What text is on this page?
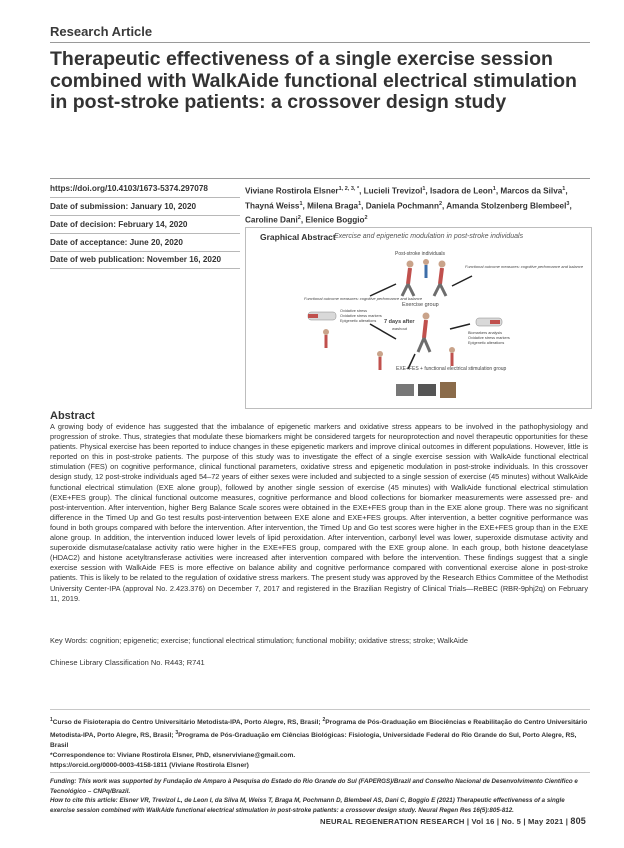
Research Article
Therapeutic effectiveness of a single exercise session combined with WalkAide functional electrical stimulation in post-stroke patients: a crossover design study
https://doi.org/10.4103/1673-5374.297078
Date of submission: January 10, 2020
Date of decision: February 14, 2020
Date of acceptance: June 20, 2020
Date of web publication: November 16, 2020
Viviane Rostirola Elsner$^{1, 2, 3, *}$, Lucieli Trevizol$^1$, Isadora de Leon$^1$, Marcos da Silva$^1$, Thayná Weiss$^1$, Milena Braga$^1$, Daniela Pochmann$^2$, Amanda Stolzenberg Blembeel$^3$, Caroline Dani$^2$, Elenice Boggio$^2$
Graphical Abstract
Exercise and epigenetic modulation in post-stroke individuals
Post-stroke individuals
Exercise group
Functional outcome measures: cognitive performance and balance
Functional outcome measures: cognitive performance and balance
Oxidative stress Oxidative stress markers Epigenetic alterations	7 days after
washout
Biomarkers analysis Oxidative stress markers Epigenetic alterations
EXE+FES + functional electrical stimulation group
Abstract
A growing body of evidence has suggested that the imbalance of epigenetic markers and oxidative stress appears to be involved in the pathophysiology and progression of stroke. Thus, strategies that modulate these biomarkers might be considered targets for neuroprotection and novel therapeutic opportunities for these patients. Physical exercise has been reported to induce changes in these epigenetic markers and improve clinical outcomes in different populations. However, little is reported on this in post-stroke patients. The purpose of this study was to investigate the effect of a single exercise session with WalkAide functional electrical stimulation (FES) on cognitive performance, clinical functional parameters, oxidative stress and epigenetic modulation in post-stroke individuals. In this crossover design study, 12 post-stroke individuals aged 54–72 years of either sexes were included and subjected to a single session of exercise (45 minutes) without WalkAide functional electrical stimulation (EXE alone group), followed by another single session of exercise (45 minutes) with WalkAide functional electrical stimulation (EXE+FES group). The clinical functional outcome measures, cognitive performance and blood collections for biomarker measurements were assessed pre- and post-intervention. After intervention, higher Berg Balance Scale scores were obtained in the EXE+FES group than in the EXE alone group. There was no significant difference in the Timed Up and Go test results post-intervention between EXE alone and EXE+FES groups. After intervention, a better cognitive performance was found in both groups compared with before the intervention. After intervention, the Timed Up and Go test scores were higher in the EXE+FES group than in the EXE alone group. In addition, the intervention induced lower levels of lipid peroxidation. After intervention, carbonyl level was lower, superoxide dismutase activity and superoxide dismutase/catalase activity ratio were higher in the EXE+FES group, compared with the EXE group alone. In each group, both histone deacetylase (HDAC2) and histone acetyltransferase activities were increased after intervention compared with before the intervention. These findings suggest that a single exercise session with WalkAide FES is more effective on balance ability and cognitive performance compared with conventional exercise alone in post-stroke patients. This is likely to be related to the regulation of oxidative stress markers. The present study was approved by the Research Ethics Committee of the Methodist University Center-IPA (approval No. 2.423.376) on December 7, 2017 and registered in the Brazilian Registry of Clinical Trials—ReBEC (RBR-9phj2q) on February 11, 2019.
Key Words: cognition; epigenetic; exercise; functional electrical stimulation; functional mobility; oxidative stress; stroke; WalkAide
Chinese Library Classification No. R443; R741
$^1$Curso de Fisioterapia do Centro Universitário Metodista-IPA, Porto Alegre, RS, Brasil; $^2$Programa de Pós-Graduação em Biociências e Reabilitação do Centro Universitário Metodista-IPA, Porto Alegre, RS, Brasil; $^3$Programa de Pós-Graduação em Ciências Biológicas: Fisiologia, Universidade Federal do Rio Grande do Sul, Porto Alegre, RS, Brasil
*Correspondence to: Viviane Rostirola Elsner, PhD, elsnerviviane@gmail.com.
https://orcid.org/0000-0003-4158-1811 (Viviane Rostirola Elsner)
Funding: This work was supported by Fundação de Amparo à Pesquisa do Estado do Rio Grande do Sul (FAPERGS)/Brazil and Conselho Nacional de Desenvolvimento Científico e Tecnológico – CNPq/Brazil.
How to cite this article: Elsner VR, Trevizol L, de Leon I, da Silva M, Weiss T, Braga M, Pochmann D, Blembeel AS, Dani C, Boggio E (2021) Therapeutic effectiveness of a single exercise session combined with WalkAide functional electrical stimulation in post-stroke patients: a crossover design study. Neural Regen Res 16(5):805-812.
NEURAL REGENERATION RESEARCH | Vol 16 | No. 5 | May 2021 | 805
